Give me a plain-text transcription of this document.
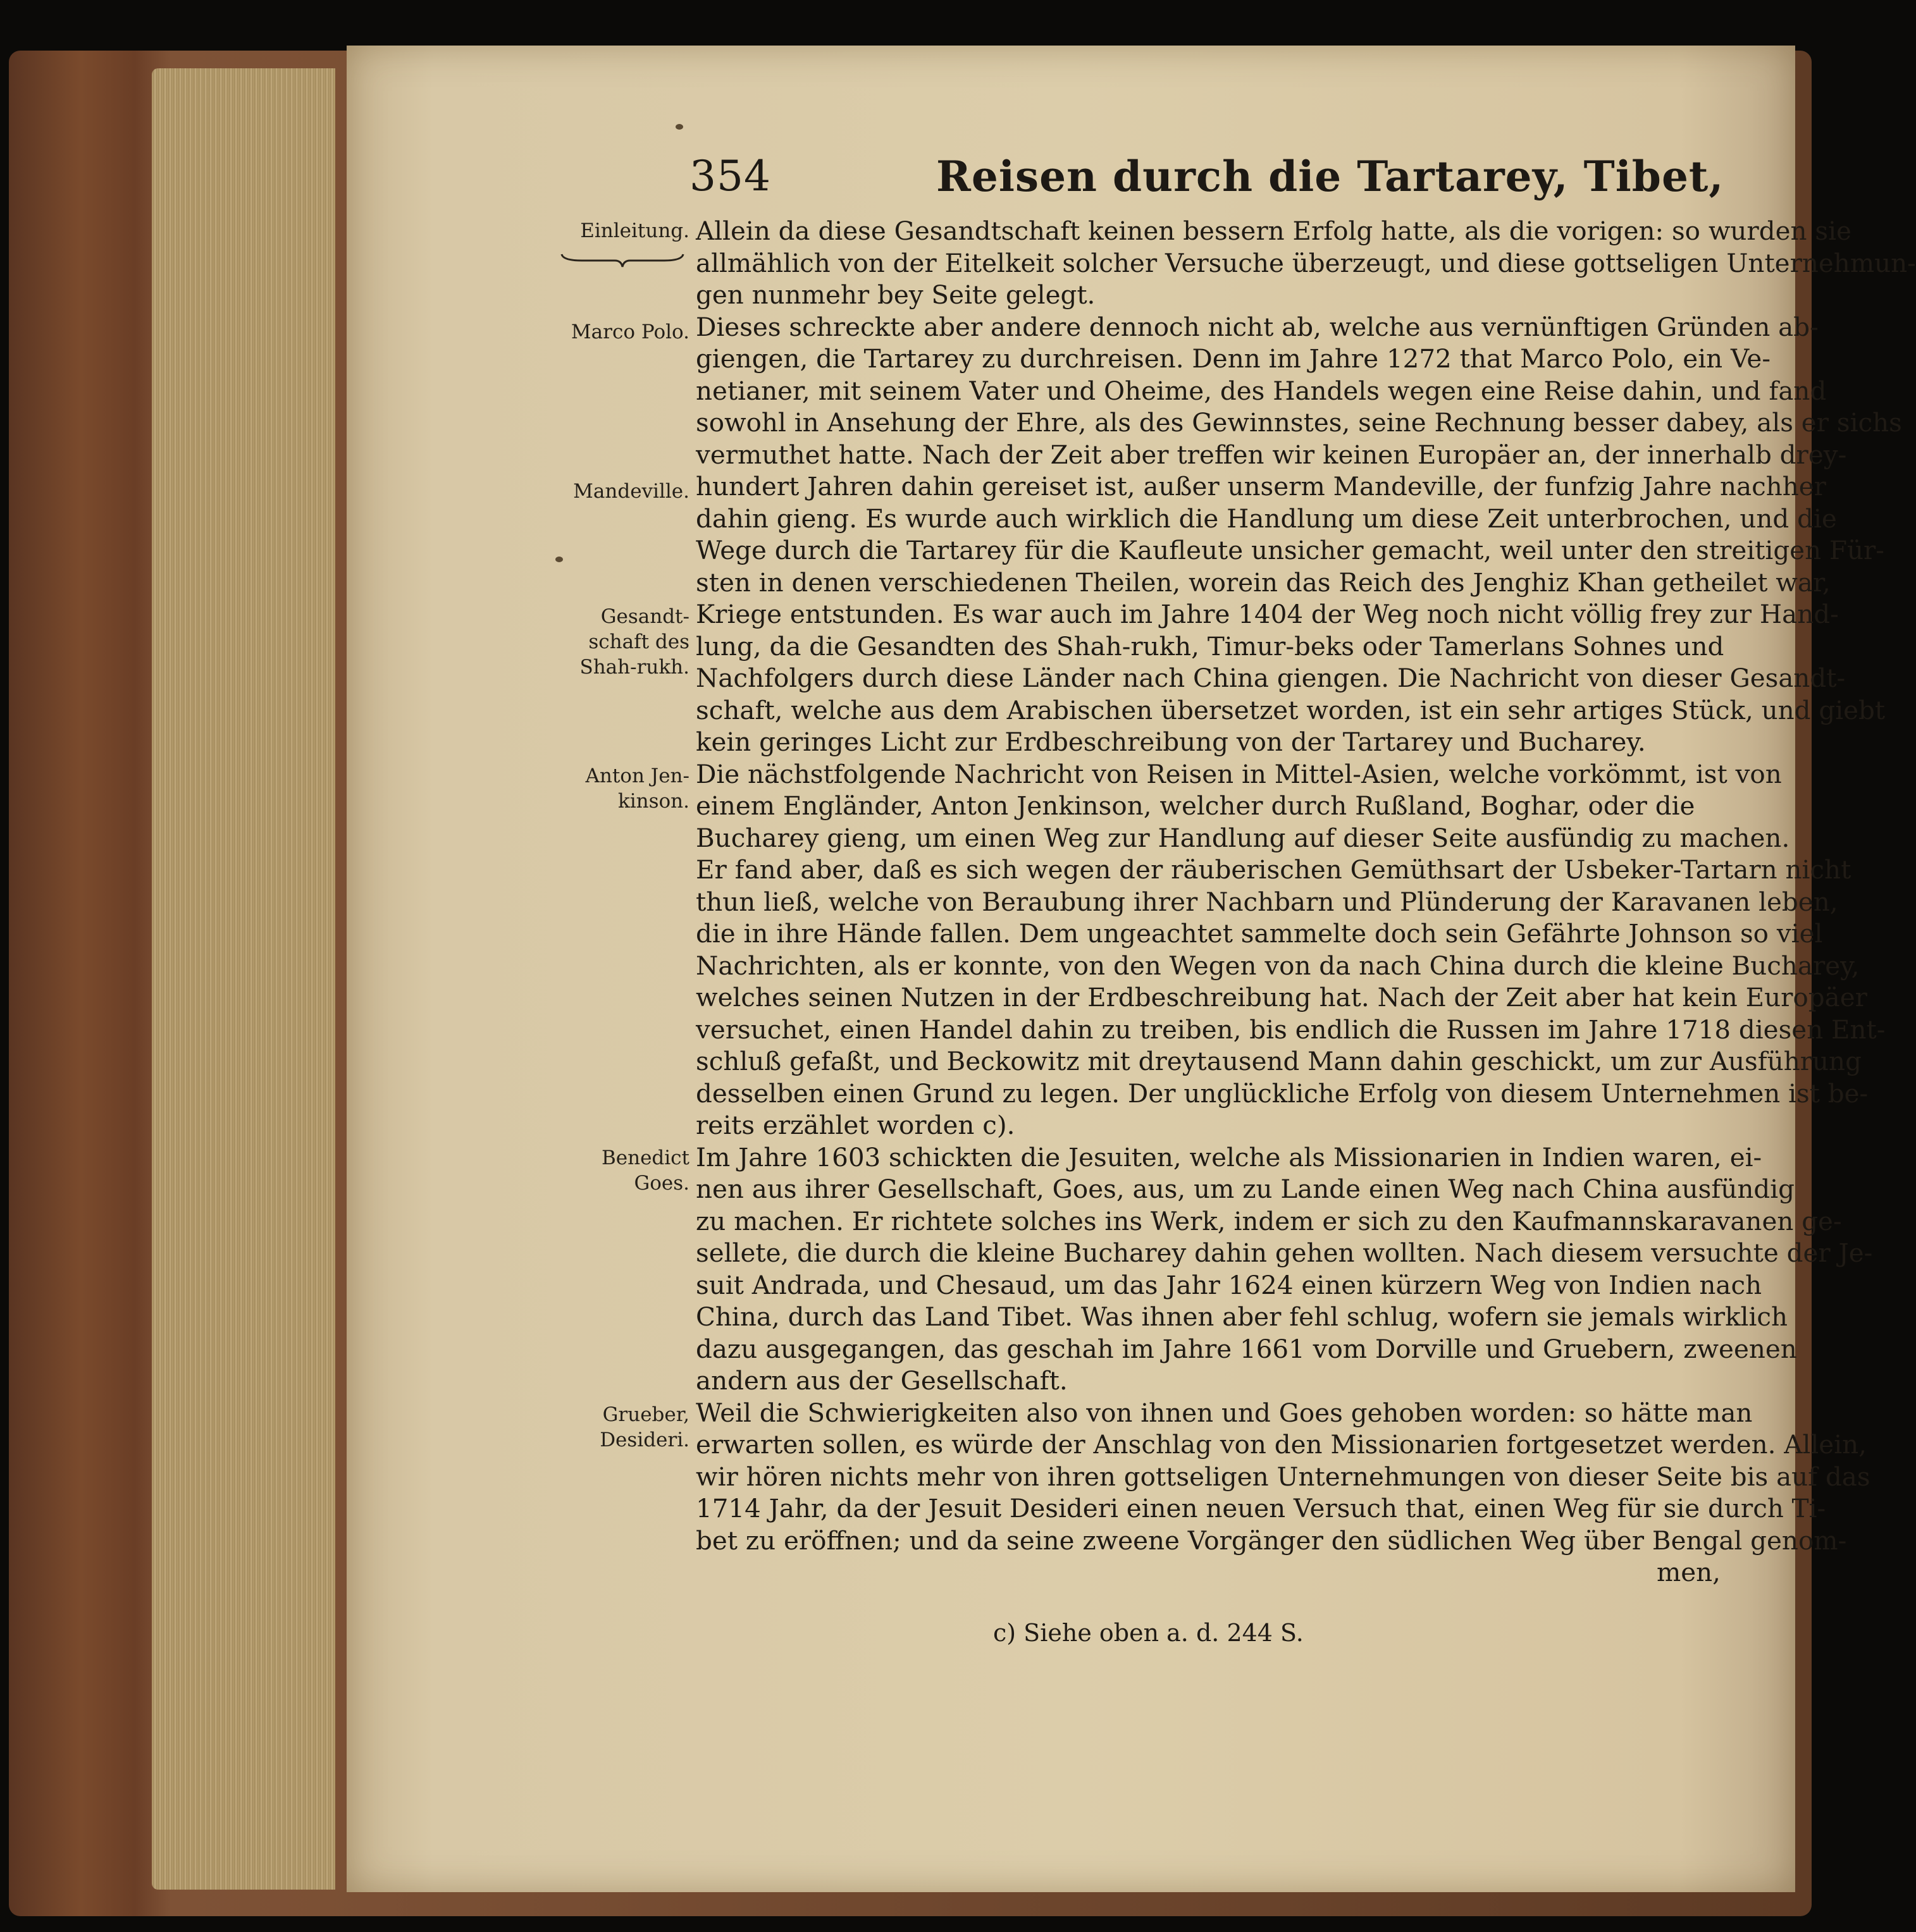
354	Reisen durch die Tartarey, Tibet,
Einleitung.
Marco Polo.
Mandeville.
Gesandt- schaft des Shah-rukh.
Anton Jen- kinson.
Benedict Goes.
Grueber, Desideri.
Allein da diese Gesandtschaft keinen bessern Erfolg hatte, als die vorigen: so wurden sie
allmählich von der Eitelkeit solcher Versuche überzeugt, und diese gottseligen Unternehmun-
gen nunmehr bey Seite gelegt.
Dieses schreckte aber andere dennoch nicht ab, welche aus vernünftigen Gründen ab-
giengen, die Tartarey zu durchreisen. Denn im Jahre 1272 that Marco Polo, ein Ve-
netianer, mit seinem Vater und Oheime, des Handels wegen eine Reise dahin, und fand
sowohl in Ansehung der Ehre, als des Gewinnstes, seine Rechnung besser dabey, als er sichs
vermuthet hatte. Nach der Zeit aber treffen wir keinen Europäer an, der innerhalb drey-
hundert Jahren dahin gereiset ist, außer unserm Mandeville, der funfzig Jahre nachher
dahin gieng. Es wurde auch wirklich die Handlung um diese Zeit unterbrochen, und die
Wege durch die Tartarey für die Kaufleute unsicher gemacht, weil unter den streitigen Für-
sten in denen verschiedenen Theilen, worein das Reich des Jenghiz Khan getheilet war,
Kriege entstunden. Es war auch im Jahre 1404 der Weg noch nicht völlig frey zur Hand-
lung, da die Gesandten des Shah-rukh, Timur-beks oder Tamerlans Sohnes und
Nachfolgers durch diese Länder nach China giengen. Die Nachricht von dieser Gesandt-
schaft, welche aus dem Arabischen übersetzet worden, ist ein sehr artiges Stück, und giebt
kein geringes Licht zur Erdbeschreibung von der Tartarey und Bucharey.
Die nächstfolgende Nachricht von Reisen in Mittel-Asien, welche vorkömmt, ist von
einem Engländer, Anton Jenkinson, welcher durch Rußland, Boghar, oder die
Bucharey gieng, um einen Weg zur Handlung auf dieser Seite ausfündig zu machen.
Er fand aber, daß es sich wegen der räuberischen Gemüthsart der Usbeker-Tartarn nicht
thun ließ, welche von Beraubung ihrer Nachbarn und Plünderung der Karavanen leben,
die in ihre Hände fallen. Dem ungeachtet sammelte doch sein Gefährte Johnson so viel
Nachrichten, als er konnte, von den Wegen von da nach China durch die kleine Bucharey,
welches seinen Nutzen in der Erdbeschreibung hat. Nach der Zeit aber hat kein Europäer
versuchet, einen Handel dahin zu treiben, bis endlich die Russen im Jahre 1718 diesen Ent-
schluß gefaßt, und Beckowitz mit dreytausend Mann dahin geschickt, um zur Ausführung
desselben einen Grund zu legen. Der unglückliche Erfolg von diesem Unternehmen ist be-
reits erzählet worden c).
Im Jahre 1603 schickten die Jesuiten, welche als Missionarien in Indien waren, ei-
nen aus ihrer Gesellschaft, Goes, aus, um zu Lande einen Weg nach China ausfündig
zu machen. Er richtete solches ins Werk, indem er sich zu den Kaufmannskaravanen ge-
sellete, die durch die kleine Bucharey dahin gehen wollten. Nach diesem versuchte der Je-
suit Andrada, und Chesaud, um das Jahr 1624 einen kürzern Weg von Indien nach
China, durch das Land Tibet. Was ihnen aber fehl schlug, wofern sie jemals wirklich
dazu ausgegangen, das geschah im Jahre 1661 vom Dorville und Gruebern, zweenen
andern aus der Gesellschaft.
Weil die Schwierigkeiten also von ihnen und Goes gehoben worden: so hätte man
erwarten sollen, es würde der Anschlag von den Missionarien fortgesetzet werden. Allein,
wir hören nichts mehr von ihren gottseligen Unternehmungen von dieser Seite bis auf das
1714 Jahr, da der Jesuit Desideri einen neuen Versuch that, einen Weg für sie durch Ti-
bet zu eröffnen; und da seine zweene Vorgänger den südlichen Weg über Bengal genom-
men,
c) Siehe oben a. d. 244 S.
